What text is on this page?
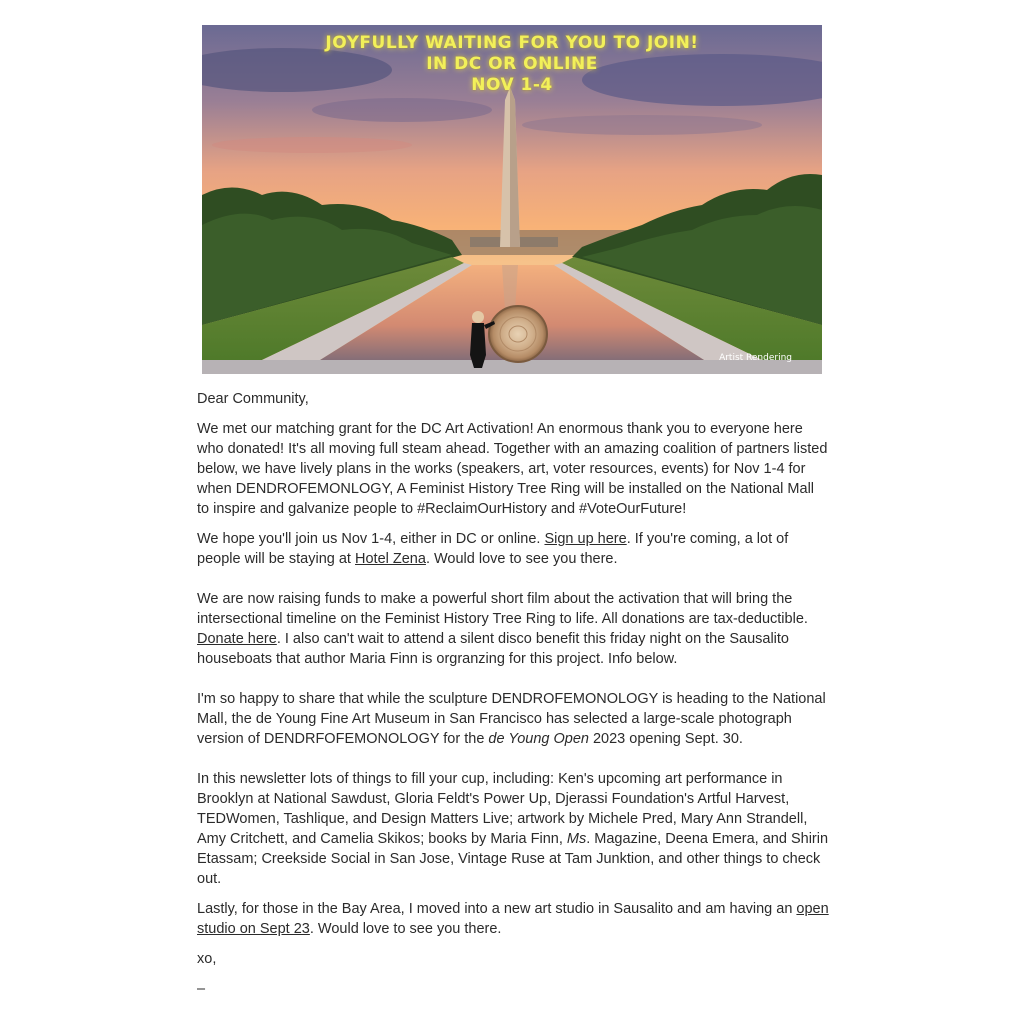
JOYFULLY WAITING FOR YOU TO JOIN!
IN DC OR ONLINE
NOV 1-4
Artist Rendering

Dear Community,

We met our matching grant for the DC Art Activation! An enormous thank you to everyone here who donated! It's all moving full steam ahead. Together with an amazing coalition of partners listed below, we have lively plans in the works (speakers, art, voter resources, events) for Nov 1-4 for when DENDROFEMONLOGY, A Feminist History Tree Ring will be installed on the National Mall to inspire and galvanize people to #ReclaimOurHistory and #VoteOurFuture!

We hope you'll join us Nov 1-4, either in DC or online. Sign up here. If you're coming, a lot of people will be staying at Hotel Zena. Would love to see you there.

We are now raising funds to make a powerful short film about the activation that will bring the intersectional timeline on the Feminist History Tree Ring to life. All donations are tax-deductible. Donate here. I also can't wait to attend a silent disco benefit this friday night on the Sausalito houseboats that author Maria Finn is orgranzing for this project. Info below.

I'm so happy to share that while the sculpture DENDROFEMONOLOGY is heading to the National Mall, the de Young Fine Art Museum in San Francisco has selected a large-scale photograph version of DENDRFOFEMONOLOGY for the de Young Open 2023 opening Sept. 30.

In this newsletter lots of things to fill your cup, including: Ken's upcoming art performance in Brooklyn at National Sawdust, Gloria Feldt's Power Up, Djerassi Foundation's Artful Harvest, TEDWomen, Tashlique, and Design Matters Live; artwork by Michele Pred, Mary Ann Strandell, Amy Critchett, and Camelia Skikos; books by Maria Finn, Ms. Magazine, Deena Emera, and Shirin Etassam; Creekside Social in San Jose, Vintage Ruse at Tam Junktion, and other things to check out.

Lastly, for those in the Bay Area, I moved into a new art studio in Sausalito and am having an open studio on Sept 23. Would love to see you there.

xo,

–
